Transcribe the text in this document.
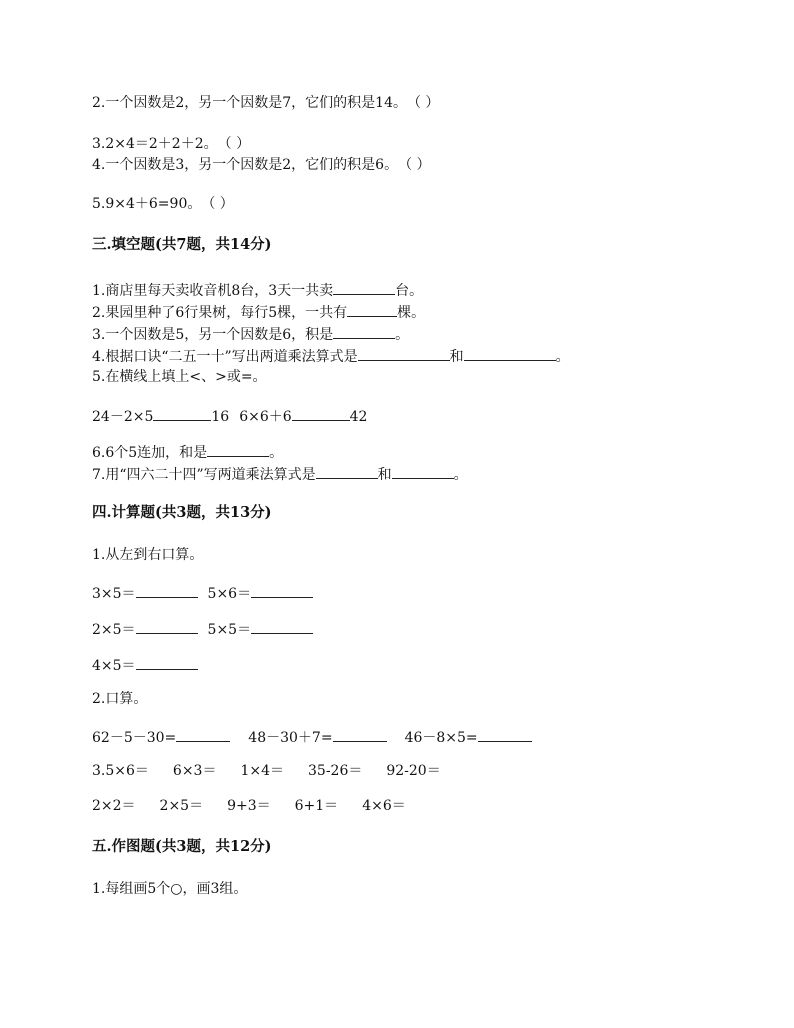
2.一个因数是2，另一个因数是7，它们的积是14。　（ ）
3.2×4＝2＋2＋2。　（ ）
4.一个因数是3，另一个因数是2，它们的积是6。　（ ）
5.9×4＋6=90。　（ ）
三.填空题(共7题，共14分)
1.商店里每天卖收音机8台，3天一共卖	台。
2.果园里种了6行果树，每行5棵，一共有	棵。
3.一个因数是5，另一个因数是6，积是	。
4.根据口诀“二五一十”写出两道乘法算式是	和	。
5.在横线上填上<、>或=。
24－2×5	16 6×6＋6	42
6.6个5连加，和是	。
7.用“四六二十四”写两道乘法算式是	和	。
四.计算题(共3题，共13分)
1.从左到右口算。
3×5＝	5×6＝
2×5＝	5×5＝
4×5＝
2.口算。
62－5－30=	48－30＋7=	46－8×5=
3.5×6＝ 6×3＝ 1×4＝ 35-26＝ 92-20＝
2×2＝ 2×5＝ 9+3＝ 6+1＝ 4×6＝
五.作图题(共3题，共12分)
1.每组画5个○，画3组。
